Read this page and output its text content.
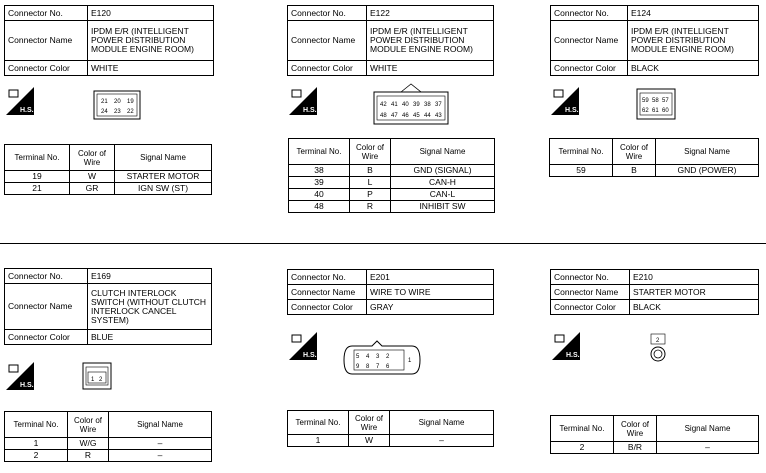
Connector No.	E120
Connector Name	IPDM E/R (INTELLIGENT POWER DISTRIBUTION MODULE ENGINE ROOM)
Connector Color	WHITE
H.S.
21 20 19
24 23 22
Terminal No.	Color of Wire	Signal Name
19	W	STARTER MOTOR
21	GR	IGN SW (ST)
Connector No.	E122
Connector Name	IPDM E/R (INTELLIGENT POWER DISTRIBUTION MODULE ENGINE ROOM)
Connector Color	WHITE
H.S.
42 41 40 39 38 37
48 47 46 45 44 43
Terminal No.	Color of Wire	Signal Name
38	B	GND (SIGNAL)
39	L	CAN-H
40	P	CAN-L
48	R	INHIBIT SW
Connector No.	E124
Connector Name	IPDM E/R (INTELLIGENT POWER DISTRIBUTION MODULE ENGINE ROOM)
Connector Color	BLACK
H.S.
59 58 57
62 61 60
Terminal No.	Color of Wire	Signal Name
59	B	GND (POWER)
Connector No.	E169
Connector Name	CLUTCH INTERLOCK SWITCH (WITHOUT CLUTCH INTERLOCK CANCEL SYSTEM)
Connector Color	BLUE
H.S.
1 2
Terminal No.	Color of Wire	Signal Name
1	W/G	–
2	R	–
Connector No.	E201
Connector Name	WIRE TO WIRE
Connector Color	GRAY
H.S.	5 4 3 2
1
9 8 7 6
Terminal No.	Color of Wire	Signal Name
1	W	–
Connector No.	E210
Connector Name	STARTER MOTOR
Connector Color	BLACK
H.S.
2
Terminal No.	Color of Wire	Signal Name
2	B/R	–
